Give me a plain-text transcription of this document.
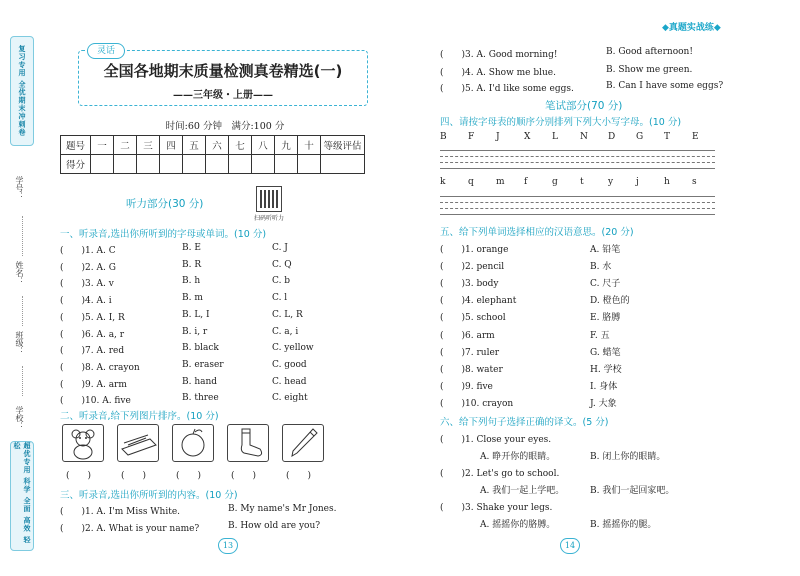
复习专用 全优期末冲刺卷
学号：
姓名：
班级：
学校：
超优专用 科学 全面 高效 轻松
灵话
全国各地期末质量检测真卷精选(一)
——三年级・上册——
时间:60 分钟　满分:100 分
题号	一	二	三	四	五	六	七	八	九	十	等级评估
得分											
听力部分(30 分)
扫码听听力
一、听录音,选出你所听到的字母或单词。(10 分)
(　　)1. A. C	B. E	C. J
(　　)2. A. G	B. R	C. Q
(　　)3. A. v	B. h	C. b
(　　)4. A. i	B. m	C. l
(　　)5. A. I, R	B. L, I	C. L, R
(　　)6. A. a, r	B. i, r	C. a, i
(　　)7. A. red	B. black	C. yellow
(　　)8. A. crayon	B. eraser	C. good
(　　)9. A. arm	B. hand	C. head
(　　)10. A. five	B. three	C. eight
二、听录音,给下列图片排序。(10 分)
(　　)	(　　)	(　　)	(　　)	(　　)
三、听录音,选出你所听到的内容。(10 分)
(　　)1. A. I'm Miss White.	B. My name's Mr Jones.
(　　)2. A. What is your name?	B. How old are you?
13
◆真题实战练◆
(　　)3. A. Good morning!	B. Good afternoon!
(　　)4. A. Show me blue.	B. Show me green.
(　　)5. A. I'd like some eggs.	B. Can I have some eggs?
笔试部分(70 分)
四、请按字母表的顺序分别排列下列大小写字母。(10 分)
B F J	X L N D G T E
k	q m f	g t	y	j	h s
五、给下列单词选择相应的汉语意思。(20 分)
(　　)1. orange	A. 铅笔
(　　)2. pencil	B. 水
(　　)3. body	C. 尺子
(　　)4. elephant	D. 橙色的
(　　)5. school	E. 胳膊
(　　)6. arm	F. 五
(　　)7. ruler	G. 蜡笔
(　　)8. water	H. 学校
(　　)9. five	I. 身体
(　　)10. crayon	J. 大象
六、给下列句子选择正确的译文。(5 分)
(　　)1. Close your eyes.
A. 睁开你的眼睛。	B. 闭上你的眼睛。
(　　)2. Let's go to school.
A. 我们一起上学吧。	B. 我们一起回家吧。
(　　)3. Shake your legs.
A. 摇摇你的胳膊。	B. 摇摇你的腿。
14
